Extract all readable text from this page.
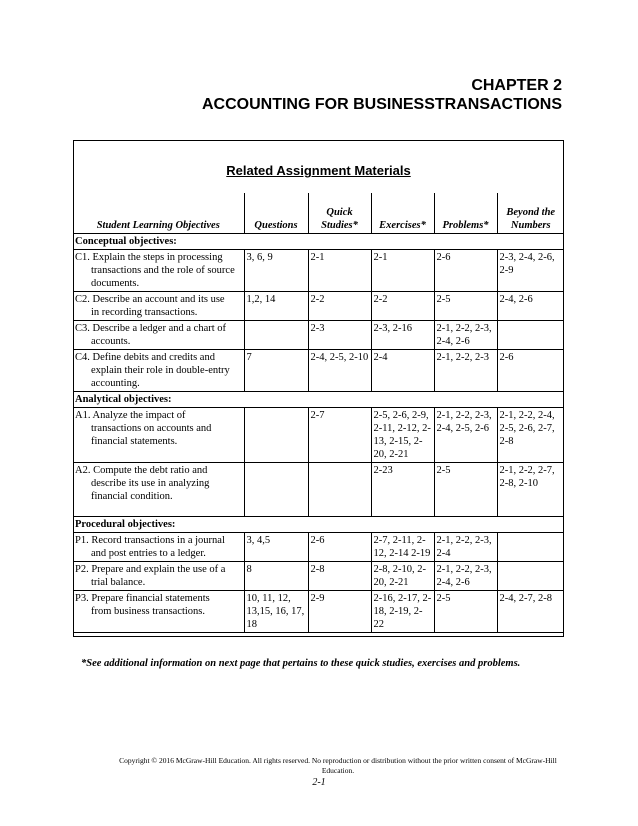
CHAPTER 2
ACCOUNTING FOR BUSINESSTRANSACTIONS
Related Assignment Materials
Student Learning Objectives	Questions	Quick Studies*	Exercises*	Problems*	Beyond the Numbers
Conceptual objectives:					

C1. Explain the steps in processing
transactions and the role of source documents.	3, 6, 9	2-1	2-1	2-6	2-3, 2-4, 2-6, 2-9

C2. Describe an account and its use
in recording transactions.	1,2, 14	2-2	2-2	2-5	2-4, 2-6

C3. Describe a ledger and a chart of
accounts.		2-3	2-3, 2-16	2-1, 2-2, 2-3, 2-4, 2-6	

C4. Define debits and credits and
explain their role in double-entry accounting.	7	2-4, 2-5, 2-10	2-4	2-1, 2-2, 2-3	2-6
Analytical objectives:					

A1. Analyze the impact of
transactions on accounts and financial statements.		2-7	2-5, 2-6, 2-9, 2-11, 2-12, 2-13, 2-15, 2-20, 2-21	2-1, 2-2, 2-3, 2-4, 2-5, 2-6	2-1, 2-2, 2-4, 2-5, 2-6, 2-7, 2-8

A2. Compute the debt ratio and
describe its use in analyzing financial condition.			2-23	2-5	2-1, 2-2, 2-7, 2-8, 2-10
Procedural objectives:					

P1. Record transactions in a journal
and post entries to a ledger.	3, 4,5	2-6	2-7, 2-11, 2-12, 2-14 2-19	2-1, 2-2, 2-3, 2-4	

P2. Prepare and explain the use of a
trial balance.	8	2-8	2-8, 2-10, 2-20, 2-21	2-1, 2-2, 2-3, 2-4, 2-6	

P3. Prepare financial statements
from business transactions.	10, 11, 12, 13,15, 16, 17, 18	2-9	2-16, 2-17, 2-18, 2-19, 2-22	2-5	2-4, 2-7, 2-8
*See additional information on next page that pertains to these quick studies, exercises and problems.
Copyright © 2016 McGraw-Hill Education. All rights reserved. No reproduction or distribution without the prior written consent of McGraw-Hill Education.
2-1
